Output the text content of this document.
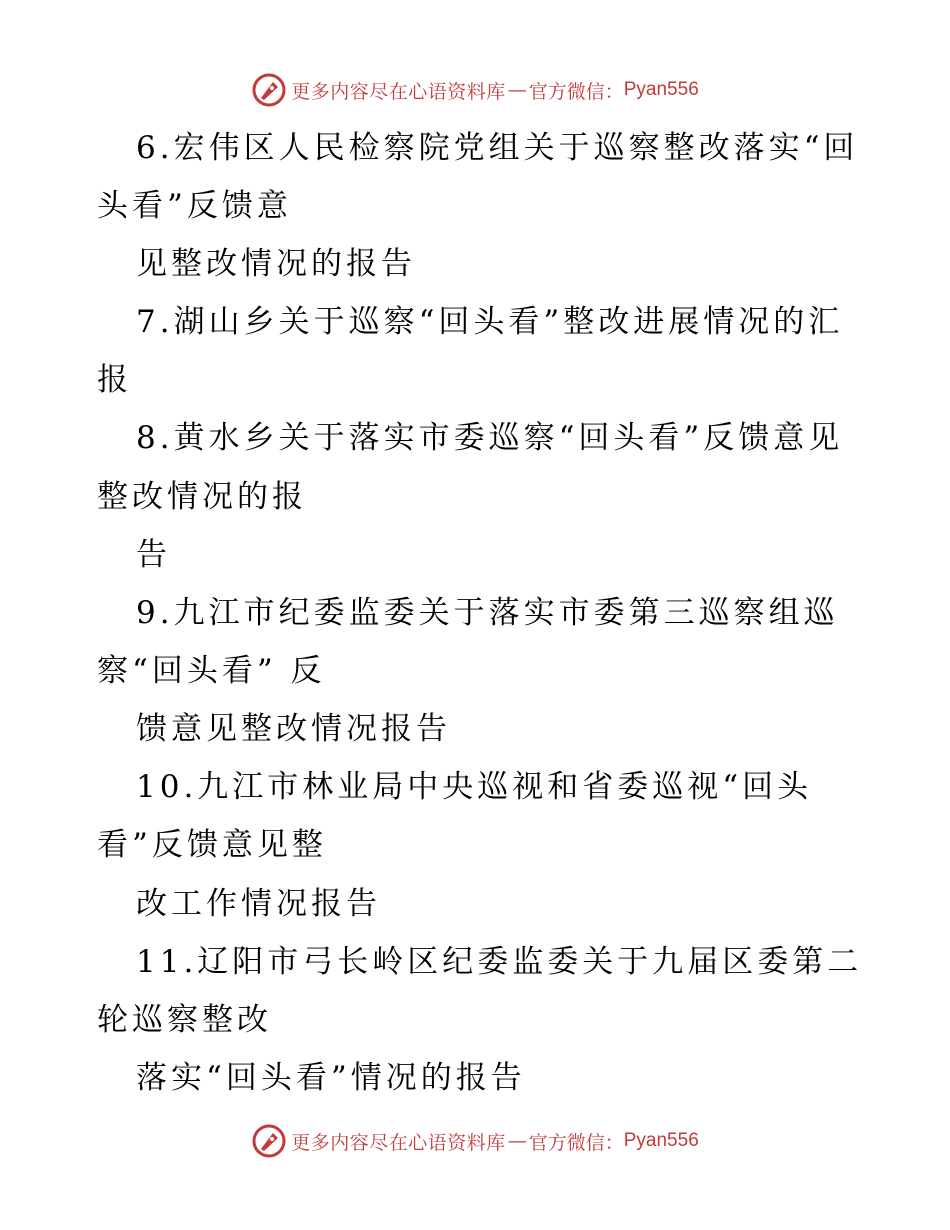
更多内容尽在心语资料库 — 官方微信： Pyan556
6.宏伟区人民检察院党组关于巡察整改落实“回
头看”反馈意
见整改情况的报告
7.湖山乡关于巡察“回头看”整改进展情况的汇
报
8.黄水乡关于落实市委巡察“回头看”反馈意见
整改情况的报
告
9.九江市纪委监委关于落实市委第三巡察组巡
察“回头看” 反
馈意见整改情况报告
10.九江市林业局中央巡视和省委巡视“回头
看”反馈意见整
改工作情况报告
11.辽阳市弓长岭区纪委监委关于九届区委第二
轮巡察整改
落实“回头看”情况的报告
更多内容尽在心语资料库 — 官方微信： Pyan556
